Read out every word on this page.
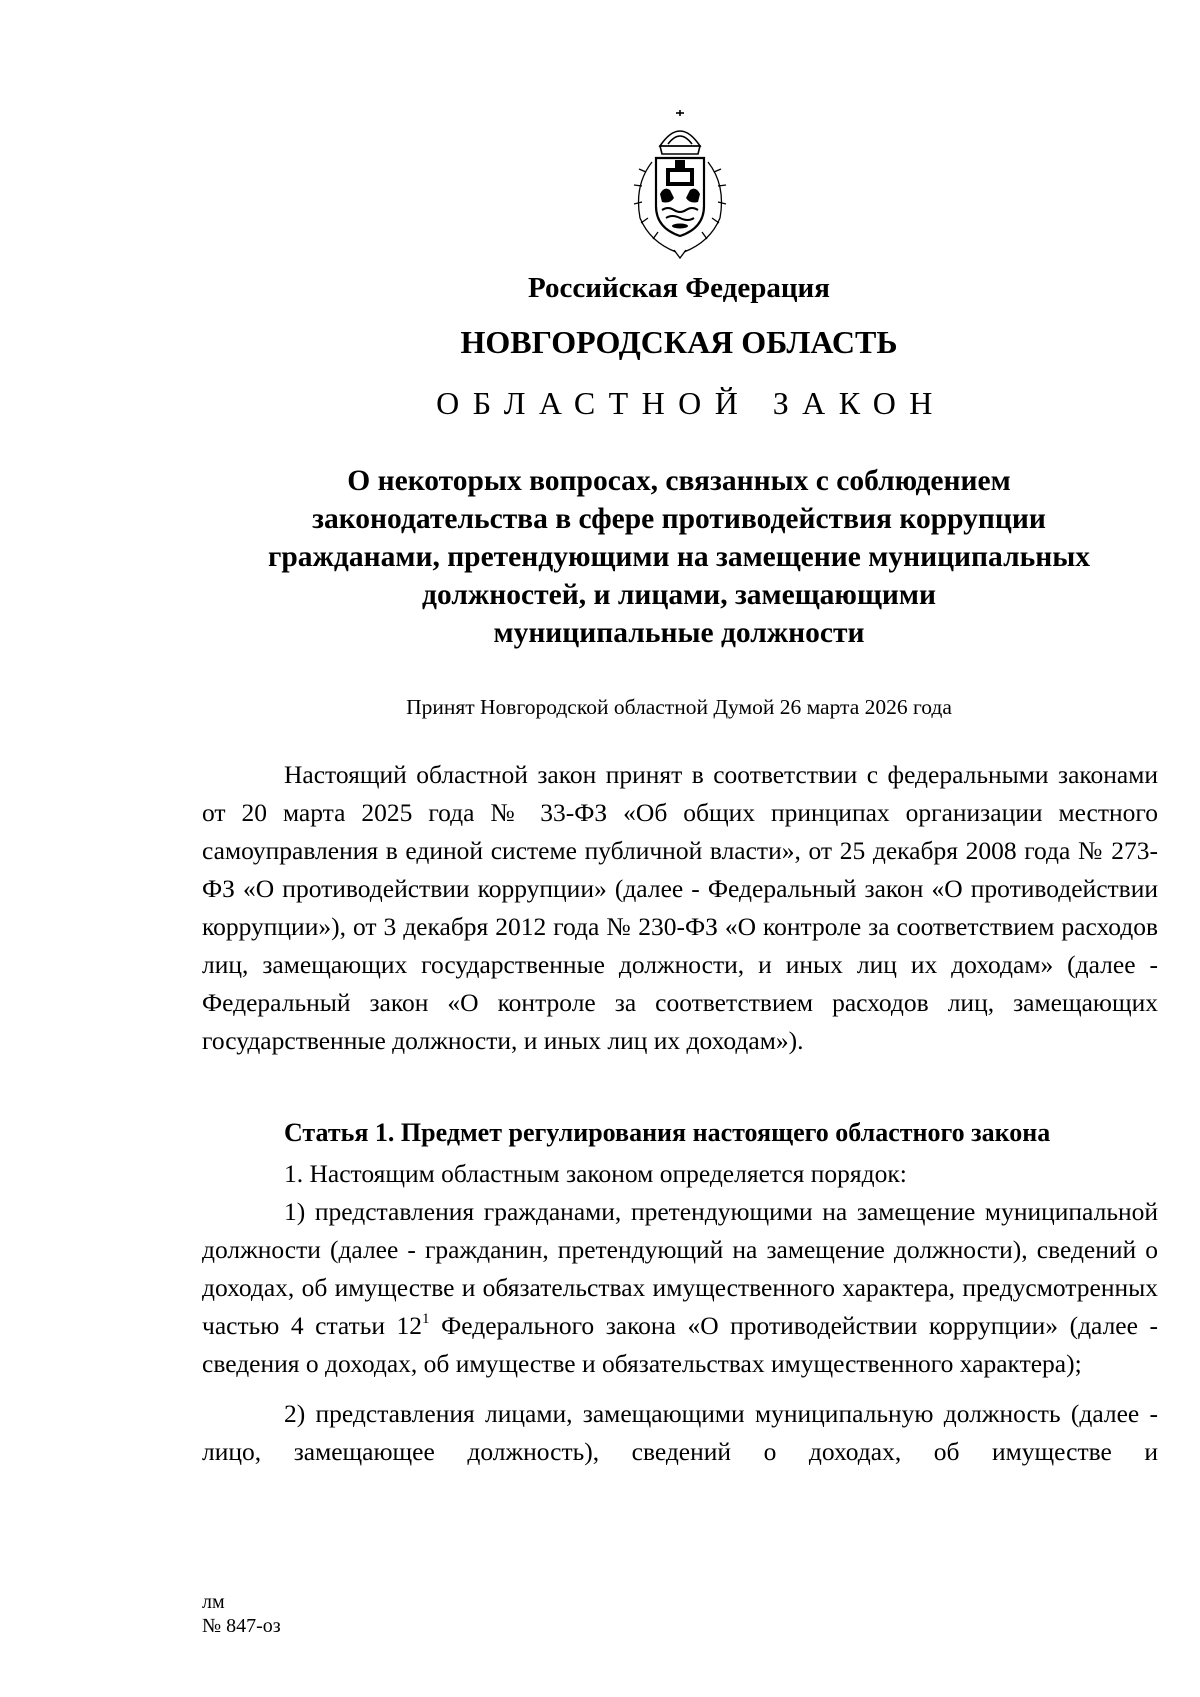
Российская Федерация
НОВГОРОДСКАЯ ОБЛАСТЬ
ОБЛАСТНОЙ ЗАКОН
О некоторых вопросах, связанных с соблюдением
законодательства в сфере противодействия коррупции
гражданами, претендующими на замещение муниципальных
должностей, и лицами, замещающими
муниципальные должности
Принят Новгородской областной Думой 26 марта 2026 года

Настоящий областной закон принят в соответствии с федеральными законами от 20 марта 2025 года № 33-ФЗ «Об общих принципах организации местного самоуправления в единой системе публичной власти», от 25 декабря 2008 года № 273-ФЗ «О противодействии коррупции» (далее - Федеральный закон «О противодействии коррупции»), от 3 декабря 2012 года № 230-ФЗ «О контроле за соответствием расходов лиц, замещающих государственные должности, и иных лиц их доходам» (далее - Федеральный закон «О контроле за соответствием расходов лиц, замещающих государственные должности, и иных лиц их доходам»).

Статья 1. Предмет регулирования настоящего областного закона

1. Настоящим областным законом определяется порядок:

1) представления гражданами, претендующими на замещение муниципальной должности (далее - гражданин, претендующий на замещение должности), сведений о доходах, об имуществе и обязательствах имущественного характера, предусмотренных частью 4 статьи $12^1$ Федерального закона «О противодействии коррупции» (далее - сведения о доходах, об имуществе и обязательствах имущественного характера);

2) представления лицами, замещающими муниципальную должность (далее - лицо, замещающее должность), сведений о доходах, об имуществе и

лм
№ 847-оз
